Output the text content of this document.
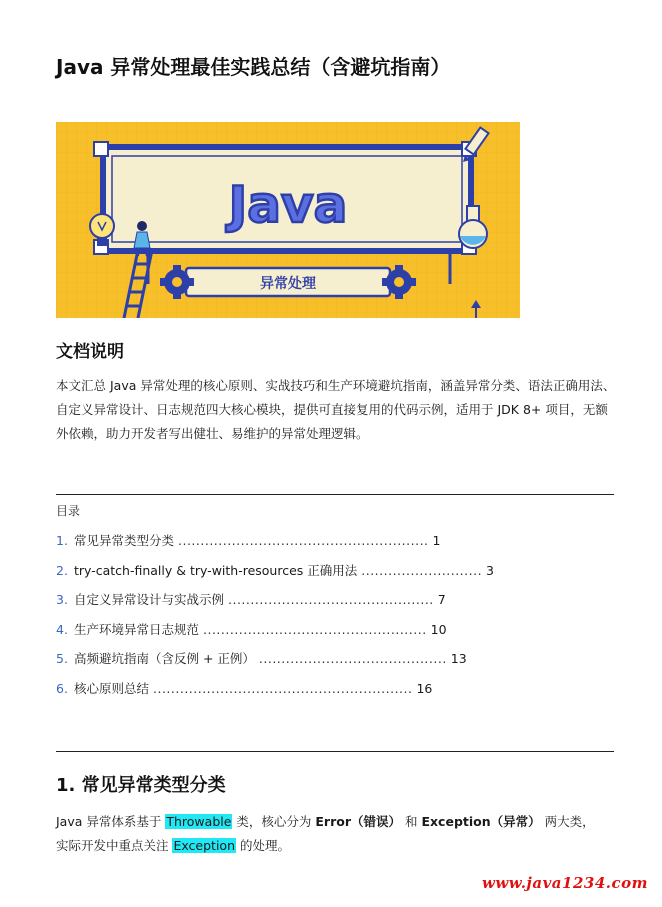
Java 异常处理最佳实践总结（含避坑指南）
Java
异常处理
文档说明
本文汇总 Java 异常处理的核心原则、实战技巧和生产环境避坑指南，涵盖异常分类、语法正确用法、自定义异常设计、日志规范四大核心模块，提供可直接复用的代码示例，适用于 JDK 8+ 项目，无额外依赖，助力开发者写出健壮、易维护的异常处理逻辑。
目录
1. 常见异常类型分类 ........................................................ 1
2. try-catch-finally & try-with-resources 正确用法 ........................... 3
3. 自定义异常设计与实战示例 .............................................. 7
4. 生产环境异常日志规范 .................................................. 10
5. 高频避坑指南（含反例 + 正例） .......................................... 13
6. 核心原则总结 .......................................................... 16
1. 常见异常类型分类
Java 异常体系基于 Throwable 类，核心分为 Error（错误） 和 Exception（异常） 两大类，实际开发中重点关注 Exception 的处理。
www.java1234.com
